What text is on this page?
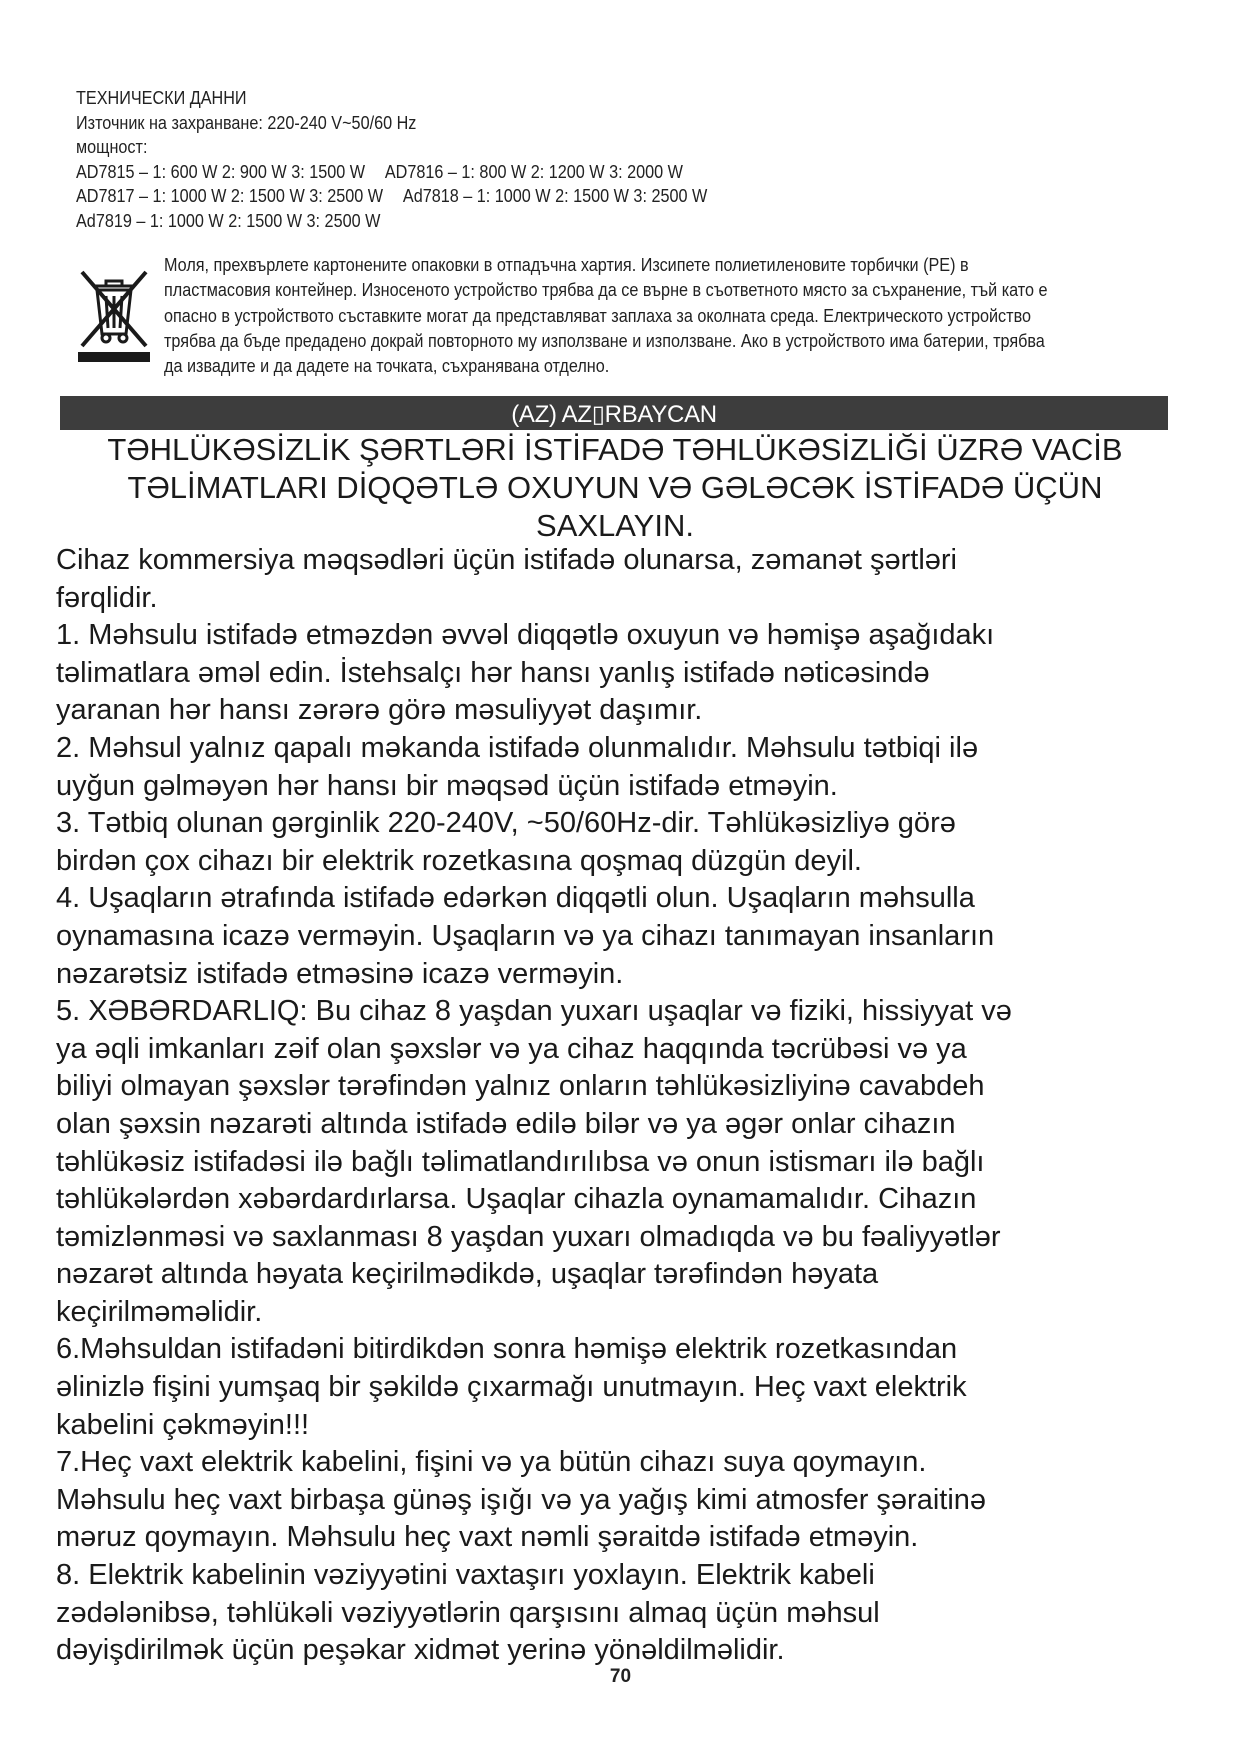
ТЕХНИЧЕСКИ ДАННИ
Източник на захранване: 220-240 V~50/60 Hz
мощност:
AD7815 – 1: 600 W 2: 900 W 3: 1500 W AD7816 – 1: 800 W 2: 1200 W 3: 2000 W
AD7817 – 1: 1000 W 2: 1500 W 3: 2500 W Ad7818 – 1: 1000 W 2: 1500 W 3: 2500 W
Ad7819 – 1: 1000 W 2: 1500 W 3: 2500 W
Моля, прехвърлете картонените опаковки в отпадъчна хартия. Изсипете полиетиленовите торбички (PE) в
пластмасовия контейнер. Износеното устройство трябва да се върне в съответното място за съхранение, тъй като е
опасно в устройството съставките могат да представляват заплаха за околната среда. Електрическото устройство
трябва да бъде предадено докрай повторното му използване и използване. Ако в устройството има батерии, трябва
да извадите и да дадете на точката, съхранявана отделно.
(AZ) AZ▯RBAYCAN
TƏHLÜKƏSİZLİK ŞƏRTLƏRİ İSTİFADƏ TƏHLÜKƏSİZLİĞİ ÜZRƏ VACİB
TƏLİMATLARI DİQQƏTLƏ OXUYUN VƏ GƏLƏCƏK İSTİFADƏ ÜÇÜN
SAXLAYIN.
Cihaz kommersiya məqsədləri üçün istifadə olunarsa, zəmanət şərtləri
fərqlidir.
1. Məhsulu istifadə etməzdən əvvəl diqqətlə oxuyun və həmişə aşağıdakı
təlimatlara əməl edin. İstehsalçı hər hansı yanlış istifadə nəticəsində
yaranan hər hansı zərərə görə məsuliyyət daşımır.
2. Məhsul yalnız qapalı məkanda istifadə olunmalıdır. Məhsulu tətbiqi ilə
uyğun gəlməyən hər hansı bir məqsəd üçün istifadə etməyin.
3. Tətbiq olunan gərginlik 220-240V, ~50/60Hz-dir. Təhlükəsizliyə görə
birdən çox cihazı bir elektrik rozetkasına qoşmaq düzgün deyil.
4. Uşaqların ətrafında istifadə edərkən diqqətli olun. Uşaqların məhsulla
oynamasına icazə verməyin. Uşaqların və ya cihazı tanımayan insanların
nəzarətsiz istifadə etməsinə icazə verməyin.
5. XƏBƏRDARLIQ: Bu cihaz 8 yaşdan yuxarı uşaqlar və fiziki, hissiyyat və
ya əqli imkanları zəif olan şəxslər və ya cihaz haqqında təcrübəsi və ya
biliyi olmayan şəxslər tərəfindən yalnız onların təhlükəsizliyinə cavabdeh
olan şəxsin nəzarəti altında istifadə edilə bilər və ya əgər onlar cihazın
təhlükəsiz istifadəsi ilə bağlı təlimatlandırılıbsa və onun istismarı ilə bağlı
təhlükələrdən xəbərdardırlarsa. Uşaqlar cihazla oynamamalıdır. Cihazın
təmizlənməsi və saxlanması 8 yaşdan yuxarı olmadıqda və bu fəaliyyətlər
nəzarət altında həyata keçirilmədikdə, uşaqlar tərəfindən həyata
keçirilməməlidir.
6.Məhsuldan istifadəni bitirdikdən sonra həmişə elektrik rozetkasından
əlinizlə fişini yumşaq bir şəkildə çıxarmağı unutmayın. Heç vaxt elektrik
kabelini çəkməyin!!!
7.Heç vaxt elektrik kabelini, fişini və ya bütün cihazı suya qoymayın.
Məhsulu heç vaxt birbaşa günəş işığı və ya yağış kimi atmosfer şəraitinə
məruz qoymayın. Məhsulu heç vaxt nəmli şəraitdə istifadə etməyin.
8. Elektrik kabelinin vəziyyətini vaxtaşırı yoxlayın. Elektrik kabeli
zədələnibsə, təhlükəli vəziyyətlərin qarşısını almaq üçün məhsul
dəyişdirilmək üçün peşəkar xidmət yerinə yönəldilməlidir.
70
